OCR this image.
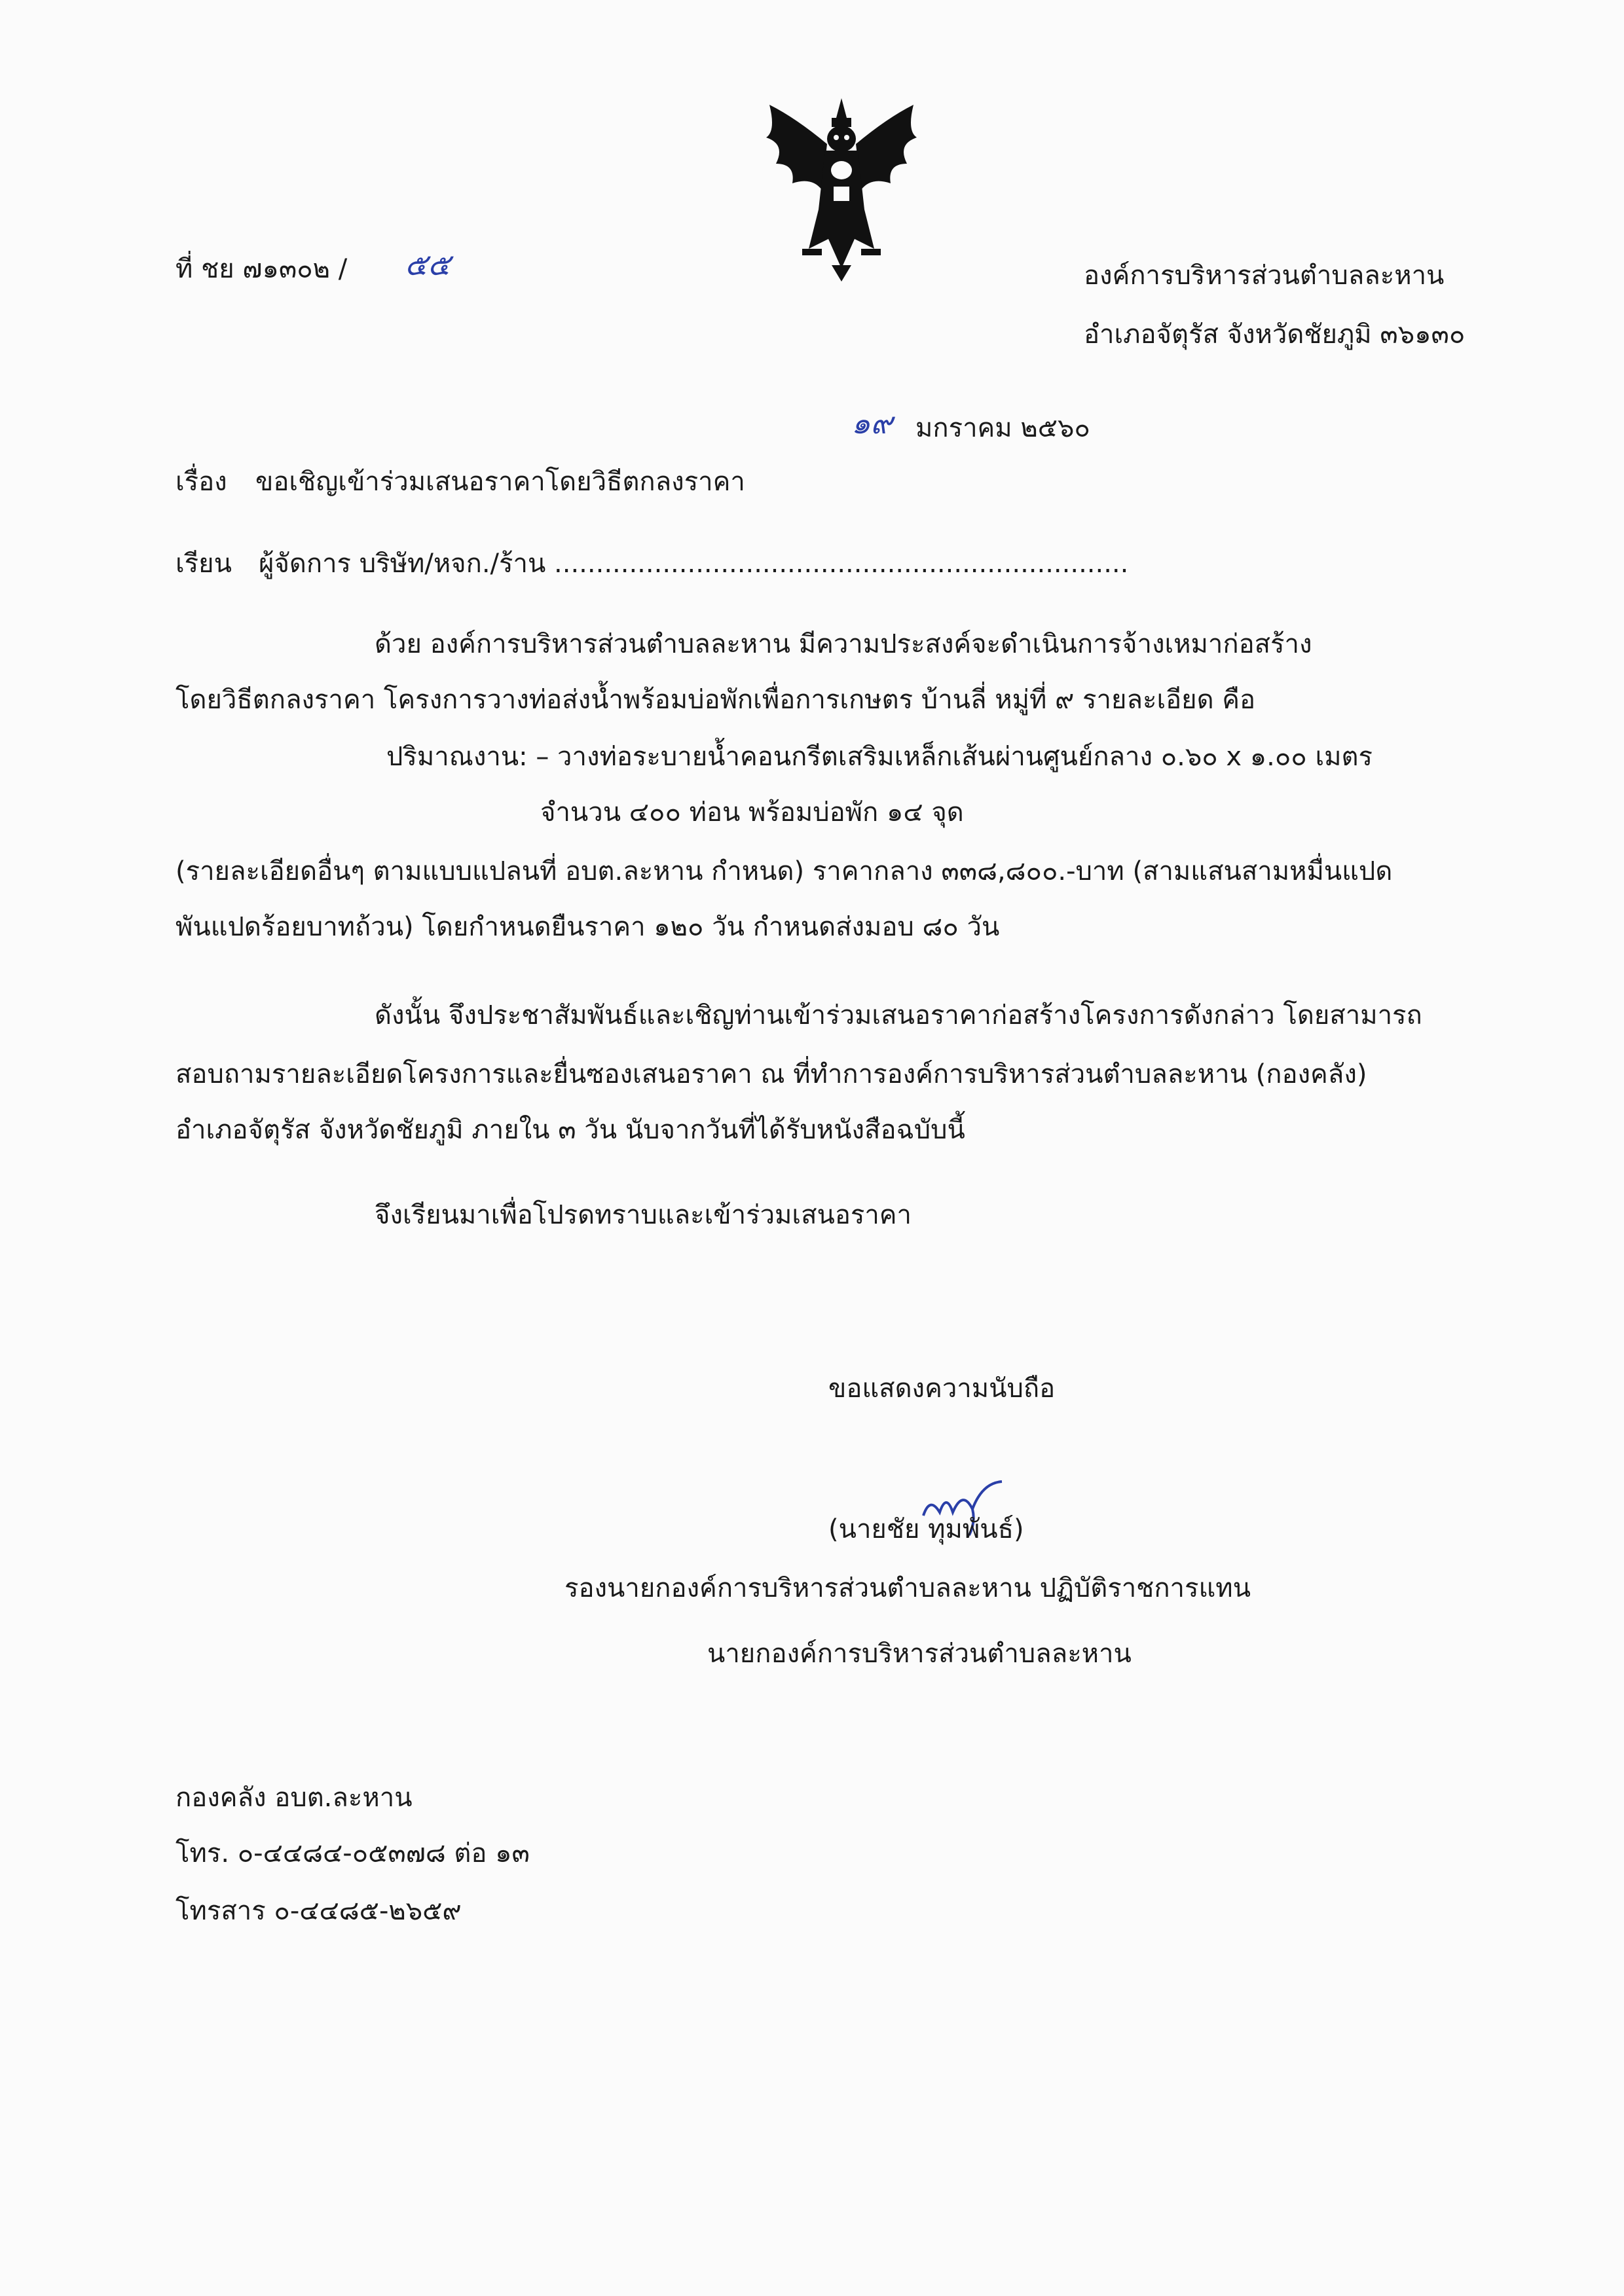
ที่ ชย ๗๑๓๐๒ / ๕๕	องค์การบริหารส่วนตำบลละหาน
อำเภอจัตุรัส จังหวัดชัยภูมิ ๓๖๑๓๐
๑๙ มกราคม ๒๕๖๐
เรื่อง ขอเชิญเข้าร่วมเสนอราคาโดยวิธีตกลงราคา
เรียน ผู้จัดการ บริษัท/หจก./ร้าน .....................................................................
ด้วย องค์การบริหารส่วนตำบลละหาน มีความประสงค์จะดำเนินการจ้างเหมาก่อสร้าง
โดยวิธีตกลงราคา โครงการวางท่อส่งน้ำพร้อมบ่อพักเพื่อการเกษตร บ้านลี่ หมู่ที่ ๙ รายละเอียด คือ
ปริมาณงาน: – วางท่อระบายน้ำคอนกรีตเสริมเหล็กเส้นผ่านศูนย์กลาง ๐.๖๐ x ๑.๐๐ เมตร
จำนวน ๔๐๐ ท่อน พร้อมบ่อพัก ๑๔ จุด
(รายละเอียดอื่นๆ ตามแบบแปลนที่ อบต.ละหาน กำหนด) ราคากลาง ๓๓๘,๘๐๐.-บาท (สามแสนสามหมื่นแปด
พันแปดร้อยบาทถ้วน) โดยกำหนดยืนราคา ๑๒๐ วัน กำหนดส่งมอบ ๘๐ วัน
ดังนั้น จึงประชาสัมพันธ์และเชิญท่านเข้าร่วมเสนอราคาก่อสร้างโครงการดังกล่าว โดยสามารถ
สอบถามรายละเอียดโครงการและยื่นซองเสนอราคา ณ ที่ทำการองค์การบริหารส่วนตำบลละหาน (กองคลัง)
อำเภอจัตุรัส จังหวัดชัยภูมิ ภายใน ๓ วัน นับจากวันที่ได้รับหนังสือฉบับนี้
จึงเรียนมาเพื่อโปรดทราบและเข้าร่วมเสนอราคา
ขอแสดงความนับถือ
(นายชัย ทุมพันธ์)
รองนายกองค์การบริหารส่วนตำบลละหาน ปฏิบัติราชการแทน
นายกองค์การบริหารส่วนตำบลละหาน
กองคลัง อบต.ละหาน
โทร. ๐-๔๔๘๔-๐๕๓๗๘ ต่อ ๑๓
โทรสาร ๐-๔๔๘๕-๒๖๕๙
